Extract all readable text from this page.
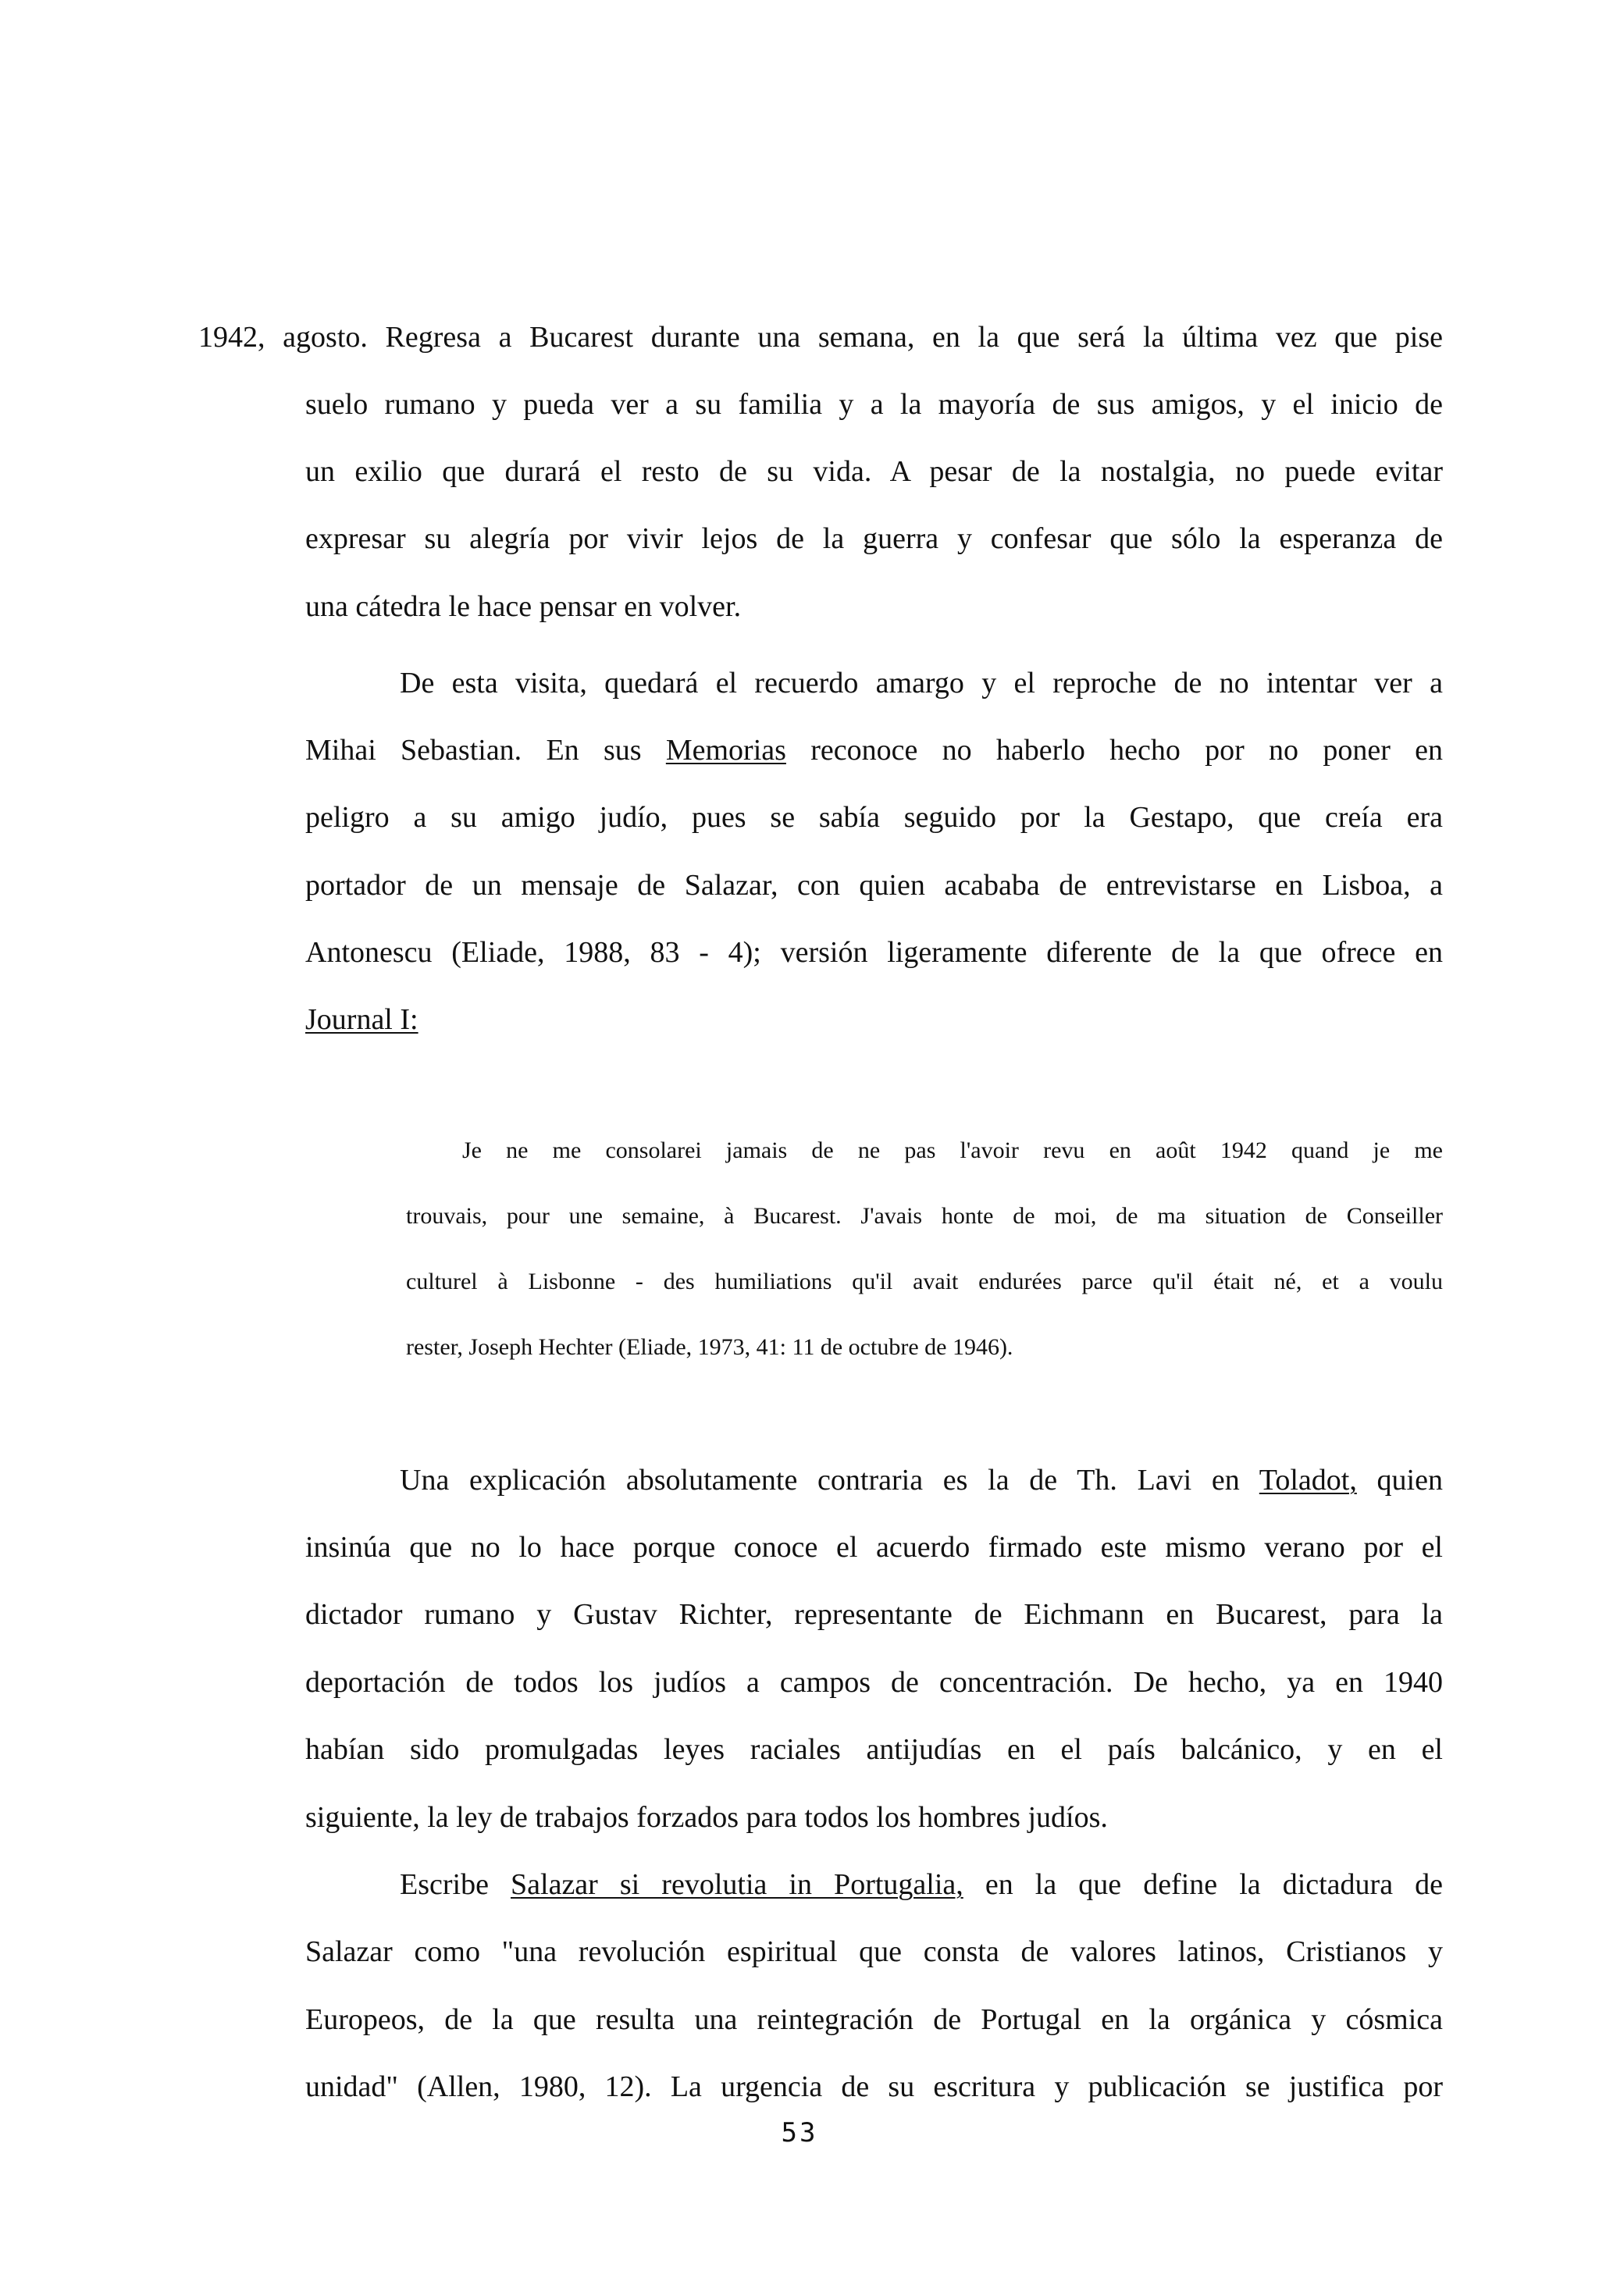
1942, agosto. Regresa a Bucarest durante una semana, en la que será la última vez que pise
suelo rumano y pueda ver a su familia y a la mayoría de sus amigos, y el inicio de
un exilio que durará el resto de su vida. A pesar de la nostalgia, no puede evitar
expresar su alegría por vivir lejos de la guerra y confesar que sólo la esperanza de
una cátedra le hace pensar en volver.
De esta visita, quedará el recuerdo amargo y el reproche de no intentar ver a
Mihai Sebastian. En sus Memorias reconoce no haberlo hecho por no poner en
peligro a su amigo judío, pues se sabía seguido por la Gestapo, que creía era
portador de un mensaje de Salazar, con quien acababa de entrevistarse en Lisboa, a
Antonescu (Eliade, 1988, 83 - 4); versión ligeramente diferente de la que ofrece en
Journal I:
Je ne me consolarei jamais de ne pas l'avoir revu en août 1942 quand je me
trouvais, pour une semaine, à Bucarest. J'avais honte de moi, de ma situation de Conseiller
culturel à Lisbonne - des humiliations qu'il avait endurées parce qu'il était né, et a voulu
rester, Joseph Hechter (Eliade, 1973, 41: 11 de octubre de 1946).
Una explicación absolutamente contraria es la de Th. Lavi en Toladot, quien
insinúa que no lo hace porque conoce el acuerdo firmado este mismo verano por el
dictador rumano y Gustav Richter, representante de Eichmann en Bucarest, para la
deportación de todos los judíos a campos de concentración. De hecho, ya en 1940
habían sido promulgadas leyes raciales antijudías en el país balcánico, y en el
siguiente, la ley de trabajos forzados para todos los hombres judíos.
Escribe Salazar si revolutia in Portugalia, en la que define la dictadura de
Salazar como "una revolución espiritual que consta de valores latinos, Cristianos y
Europeos, de la que resulta una reintegración de Portugal en la orgánica y cósmica
unidad" (Allen, 1980, 12). La urgencia de su escritura y publicación se justifica por
53
